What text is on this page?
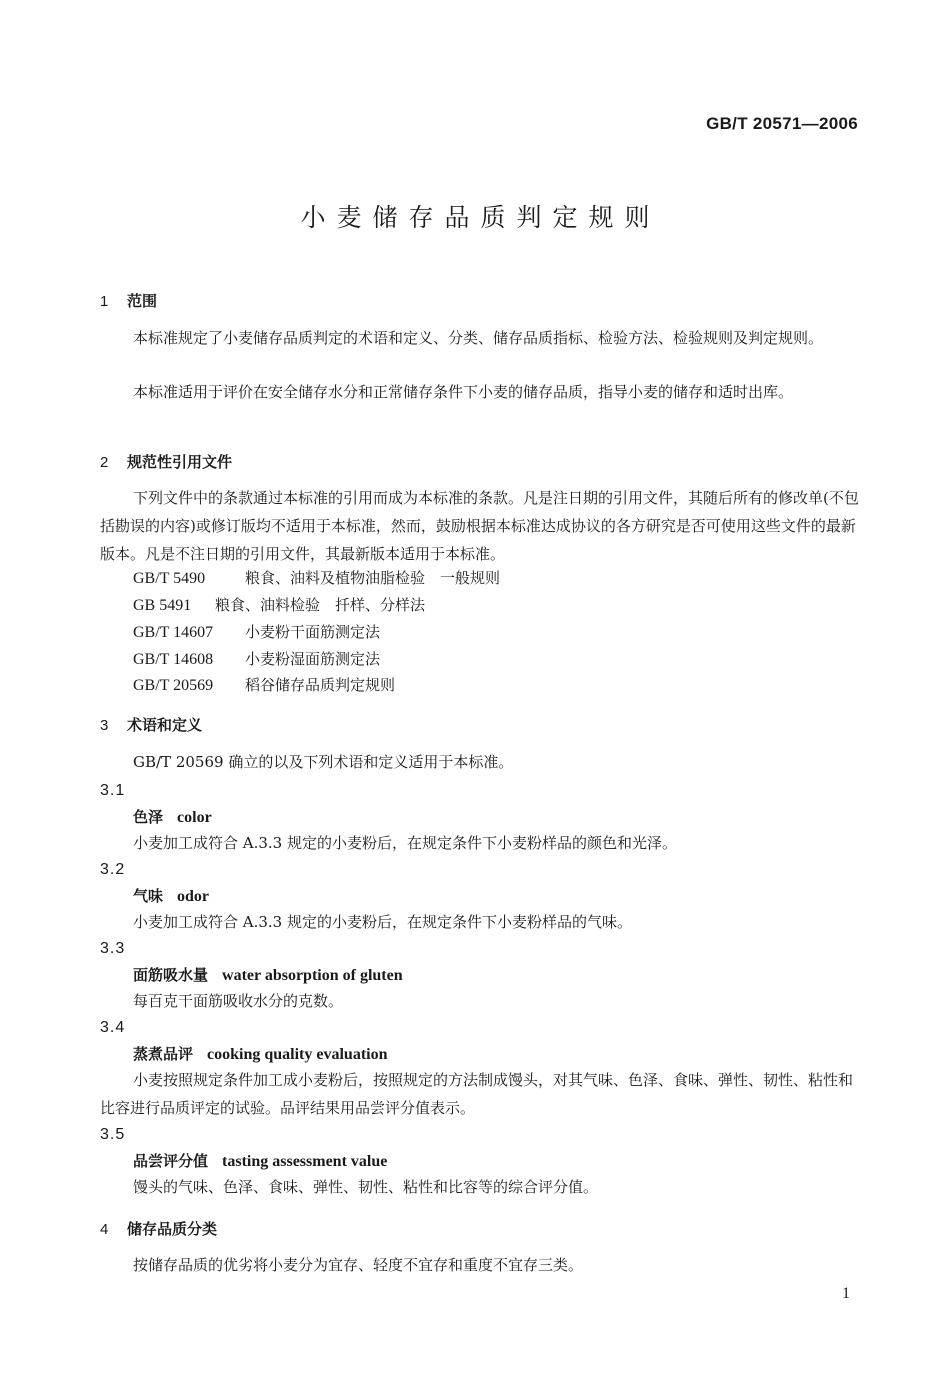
GB/T 20571—2006
小麦储存品质判定规则
1 范围
本标准规定了小麦储存品质判定的术语和定义、分类、储存品质指标、检验方法、检验规则及判定规则。
本标准适用于评价在安全储存水分和正常储存条件下小麦的储存品质，指导小麦的储存和适时出库。
2 规范性引用文件
下列文件中的条款通过本标准的引用而成为本标准的条款。凡是注日期的引用文件，其随后所有的修改单(不包括勘误的内容)或修订版均不适用于本标准，然而，鼓励根据本标准达成协议的各方研究是否可使用这些文件的最新版本。凡是不注日期的引用文件，其最新版本适用于本标准。
GB/T 5490	粮食、油料及植物油脂检验　一般规则
GB 5491 粮食、油料检验　扦样、分样法
GB/T 14607 小麦粉干面筋测定法
GB/T 14608 小麦粉湿面筋测定法
GB/T 20569 稻谷储存品质判定规则
3 术语和定义
GB/T 20569 确立的以及下列术语和定义适用于本标准。
3.1
色泽 color
小麦加工成符合 A.3.3 规定的小麦粉后，在规定条件下小麦粉样品的颜色和光泽。
3.2
气味 odor
小麦加工成符合 A.3.3 规定的小麦粉后，在规定条件下小麦粉样品的气味。
3.3
面筋吸水量 water absorption of gluten
每百克干面筋吸收水分的克数。
3.4
蒸煮品评 cooking quality evaluation
小麦按照规定条件加工成小麦粉后，按照规定的方法制成馒头，对其气味、色泽、食味、弹性、韧性、粘性和比容进行品质评定的试验。品评结果用品尝评分值表示。
3.5
品尝评分值 tasting assessment value
馒头的气味、色泽、食味、弹性、韧性、粘性和比容等的综合评分值。
4 储存品质分类
按储存品质的优劣将小麦分为宜存、轻度不宜存和重度不宜存三类。
1
